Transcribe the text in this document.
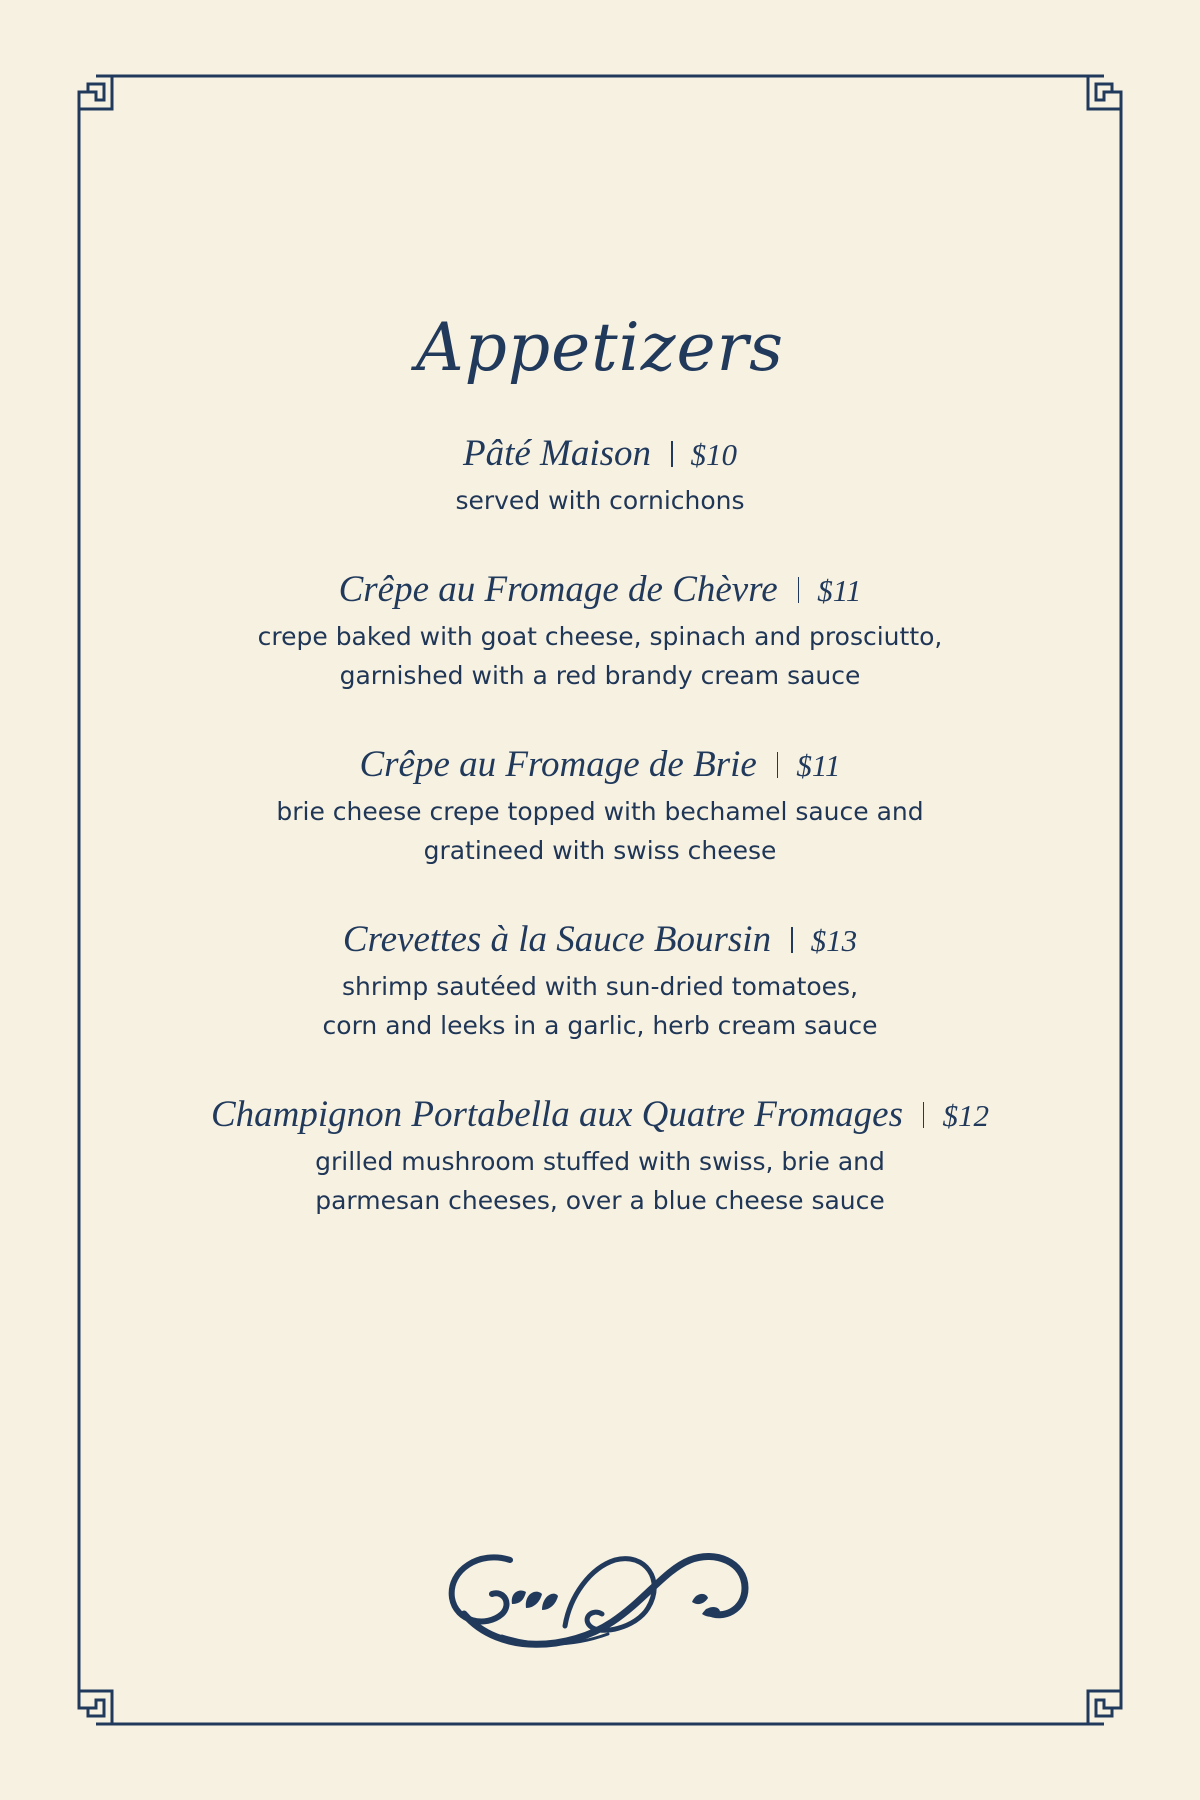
Appetizers
Pâté Maison $10
served with cornichons
Crêpe au Fromage de Chèvre $11
crepe baked with goat cheese, spinach and prosciutto,
garnished with a red brandy cream sauce
Crêpe au Fromage de Brie $11
brie cheese crepe topped with bechamel sauce and
gratineed with swiss cheese
Crevettes à la Sauce Boursin $13
shrimp sautéed with sun-dried tomatoes,
corn and leeks in a garlic, herb cream sauce
Champignon Portabella aux Quatre Fromages $12
grilled mushroom stuffed with swiss, brie and
parmesan cheeses, over a blue cheese sauce
